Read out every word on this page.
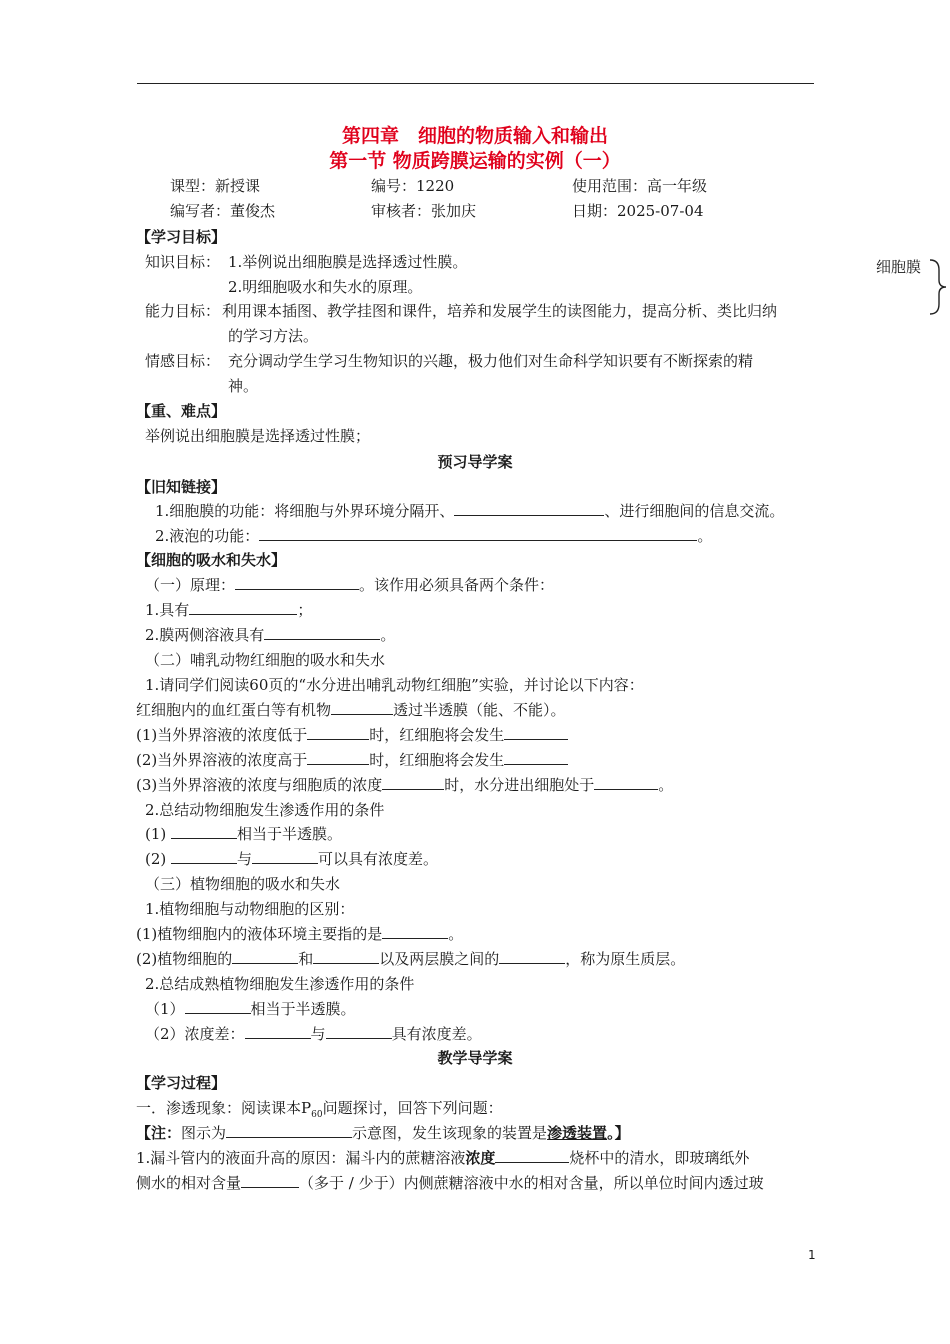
第四章　细胞的物质输入和输出
第一节 物质跨膜运输的实例（一）
课型：新授课	编号：1220	使用范围：高一年级
编写者：董俊杰	审核者：张加庆	日期：2025-07-04
【学习目标】
知识目标： 1.举例说出细胞膜是选择透过性膜。
2.明细胞吸水和失水的原理。
能力目标： 利用课本插图、教学挂图和课件，培养和发展学生的读图能力，提高分析、类比归纳
的学习方法。
情感目标： 充分调动学生学习生物知识的兴趣，极力他们对生命科学知识要有不断探索的精
神。
【重、难点】
举例说出细胞膜是选择透过性膜；
预习导学案
【旧知链接】
1.细胞膜的功能：将细胞与外界环境分隔开、	、进行细胞间的信息交流。
2.液泡的功能：	。
【细胞的吸水和失水】
（一）原理：	。该作用必须具备两个条件：
1.具有	；
2.膜两侧溶液具有	。
（二）哺乳动物红细胞的吸水和失水
1.请同学们阅读60页的“水分进出哺乳动物红细胞”实验，并讨论以下内容：
红细胞内的血红蛋白等有机物	透过半透膜（能、不能）。
(1)当外界溶液的浓度低于	时，红细胞将会发生
(2)当外界溶液的浓度高于	时，红细胞将会发生
(3)当外界溶液的浓度与细胞质的浓度	时，水分进出细胞处于	。
2.总结动物细胞发生渗透作用的条件
(1)	相当于半透膜。
(2)	与	可以具有浓度差。
（三）植物细胞的吸水和失水
1.植物细胞与动物细胞的区别：
(1)植物细胞内的液体环境主要指的是	。
(2)植物细胞的	和	以及两层膜之间的	，称为原生质层。
2.总结成熟植物细胞发生渗透作用的条件
（1）	相当于半透膜。
（2）浓度差：	与	具有浓度差。
教学导学案
【学习过程】
一．渗透现象：阅读课本$P_{60}$问题探讨，回答下列问题：
【注：图示为	示意图，发生该现象的装置是渗透装置。】
1.漏斗管内的液面升高的原因：漏斗内的蔗糖溶液浓度	烧杯中的清水，即玻璃纸外
侧水的相对含量	（多于 / 少于）内侧蔗糖溶液中水的相对含量，所以单位时间内透过玻
细胞膜
1
